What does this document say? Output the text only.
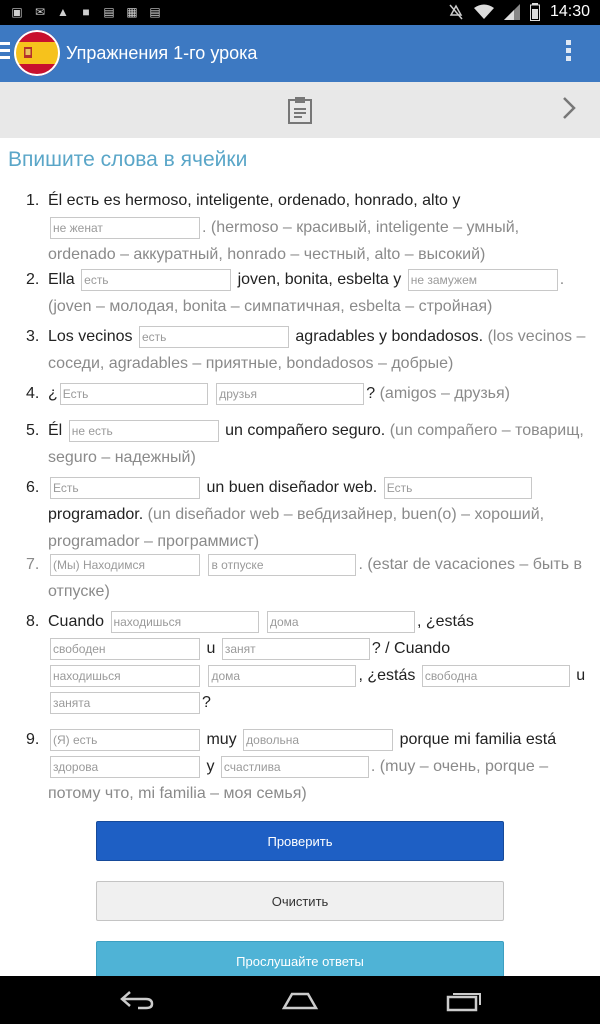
▣ ✉ ▲ ■ ▤ ▦ ▤	14:30
Упражнения 1-го урока
Впишите слова в ячейки
1. Él есть es hermoso, inteligente, ordenado, honrado, alto y
не женат	. (hermoso – красивый, inteligente – умный, ordenado – аккуратный, honrado – честный, alto – высокий)
2. Ella есть	joven, bonita, esbelta y не замужем	. (joven – молодая, bonita – симпатичная, esbelta – стройная)
3. Los vecinos есть	agradables y bondadosos. (los vecinos – соседи, agradables – приятные, bondadosos – добрые)
4. ¿ Есть	друзья	? (amigos – друзья)
5. Él не есть	un compañero seguro. (un compañero – товарищ, seguro – надежный)
6.	Есть	un buen diseñador web. Есть programador. (un diseñador web – вебдизайнер, buen(o) – хороший, programador – программист)
7.	(Мы) Находимся	в отпуске	. (estar de vacaciones – быть в отпуске)
8. Cuando находишься	дома	, ¿estás
свободен	u занят	? / Cuando
находишься	дома	, ¿estás свободна	u
занята	?
9.	(Я) есть	muy довольна	porque mi familia está
здорова	y счастлива	. (muy – очень, porque – потому что, mi familia – моя семья)
Проверить
Очистить
Прослушайте ответы
